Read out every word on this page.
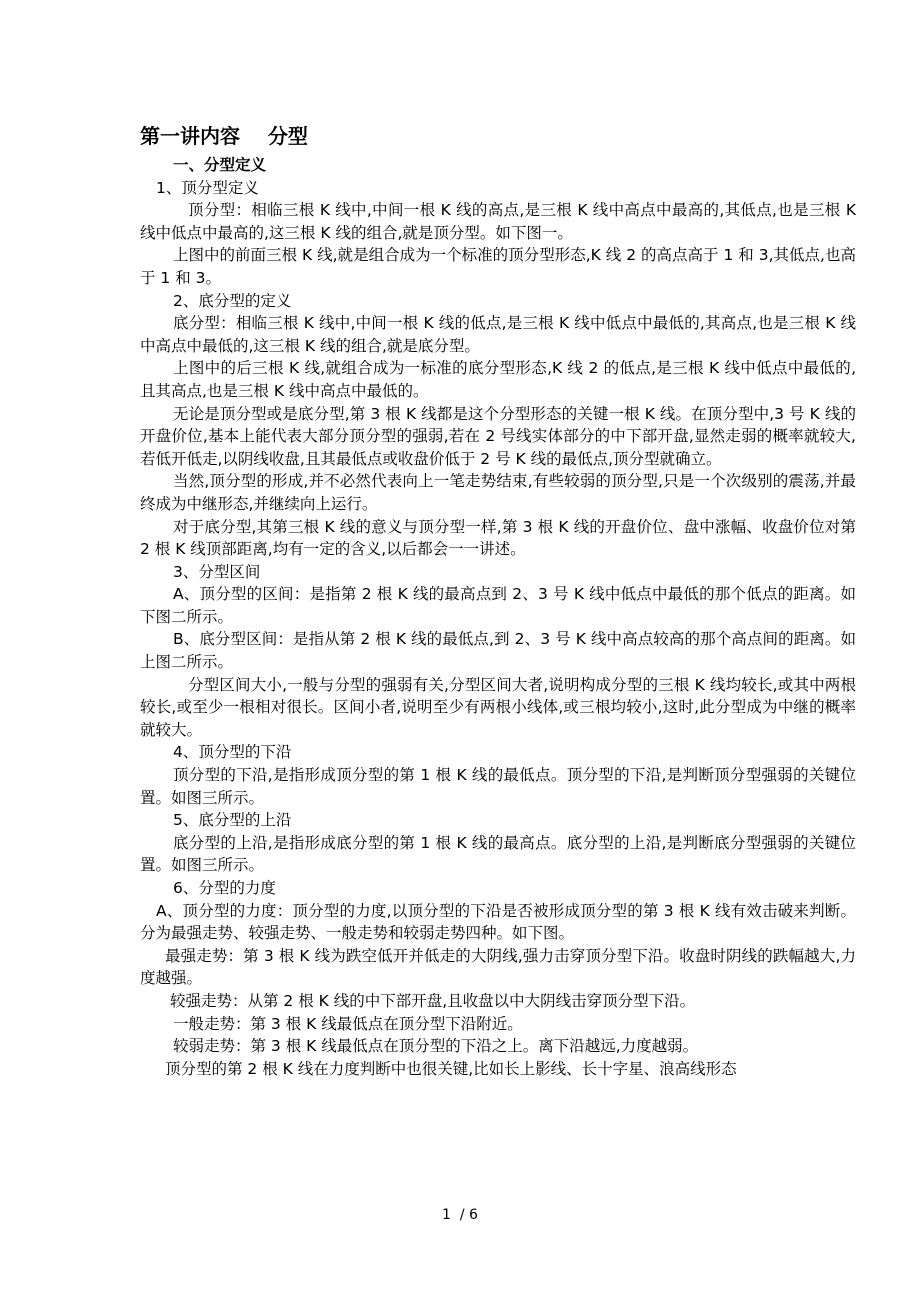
第一讲内容    分型

一、分型定义

1、顶分型定义

顶分型：相临三根 K 线中,中间一根 K 线的高点,是三根 K 线中高点中最高的,其低点,也是三根 K 线中低点中最高的,这三根 K 线的组合,就是顶分型。如下图一。

上图中的前面三根 K 线,就是组合成为一个标准的顶分型形态,K 线 2 的高点高于 1 和 3,其低点,也高于 1 和 3。

2、底分型的定义

底分型：相临三根 K 线中,中间一根 K 线的低点,是三根 K 线中低点中最低的,其高点,也是三根 K 线中高点中最低的,这三根 K 线的组合,就是底分型。

上图中的后三根 K 线,就组合成为一标准的底分型形态,K 线 2 的低点,是三根 K 线中低点中最低的,且其高点,也是三根 K 线中高点中最低的。

无论是顶分型或是底分型,第 3 根 K 线都是这个分型形态的关键一根 K 线。在顶分型中,3 号 K 线的开盘价位,基本上能代表大部分顶分型的强弱,若在 2 号线实体部分的中下部开盘,显然走弱的概率就较大,若低开低走,以阴线收盘,且其最低点或收盘价低于 2 号 K 线的最低点,顶分型就确立。

当然,顶分型的形成,并不必然代表向上一笔走势结束,有些较弱的顶分型,只是一个次级别的震荡,并最终成为中继形态,并继续向上运行。

对于底分型,其第三根 K 线的意义与顶分型一样,第 3 根 K 线的开盘价位、盘中涨幅、收盘价位对第 2 根 K 线顶部距离,均有一定的含义,以后都会一一讲述。

3、分型区间

A、顶分型的区间：是指第 2 根 K 线的最高点到 2、3 号 K 线中低点中最低的那个低点的距离。如下图二所示。

B、底分型区间：是指从第 2 根 K 线的最低点,到 2、3 号 K 线中高点较高的那个高点间的距离。如上图二所示。

分型区间大小,一般与分型的强弱有关,分型区间大者,说明构成分型的三根 K 线均较长,或其中两根较长,或至少一根相对很长。区间小者,说明至少有两根小线体,或三根均较小,这时,此分型成为中继的概率就较大。

4、顶分型的下沿

顶分型的下沿,是指形成顶分型的第 1 根 K 线的最低点。顶分型的下沿,是判断顶分型强弱的关键位置。如图三所示。

5、底分型的上沿

底分型的上沿,是指形成底分型的第 1 根 K 线的最高点。底分型的上沿,是判断底分型强弱的关键位置。如图三所示。

6、分型的力度

A、顶分型的力度：顶分型的力度,以顶分型的下沿是否被形成顶分型的第 3 根 K 线有效击破来判断。分为最强走势、较强走势、一般走势和较弱走势四种。如下图。

最强走势：第 3 根 K 线为跌空低开并低走的大阴线,强力击穿顶分型下沿。收盘时阴线的跌幅越大,力度越强。

较强走势：从第 2 根 K 线的中下部开盘,且收盘以中大阴线击穿顶分型下沿。

一般走势：第 3 根 K 线最低点在顶分型下沿附近。

较弱走势：第 3 根 K 线最低点在顶分型的下沿之上。离下沿越远,力度越弱。

顶分型的第 2 根 K 线在力度判断中也很关键,比如长上影线、长十字星、浪高线形态

1  / 6
